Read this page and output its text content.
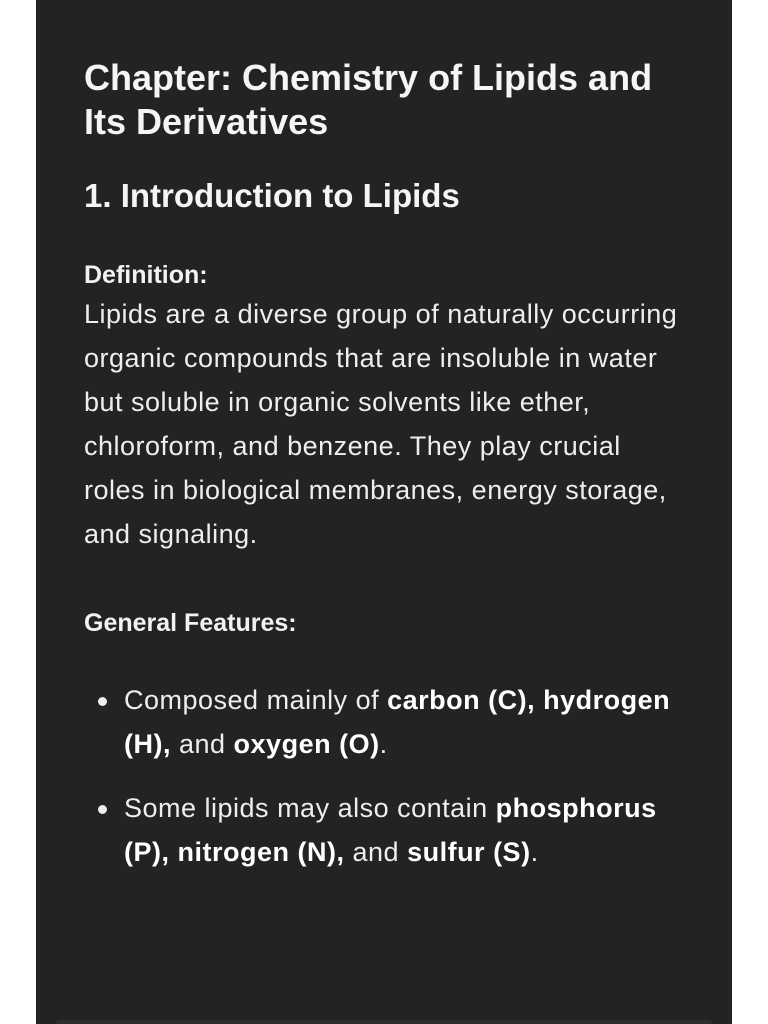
Chapter: Chemistry of Lipids and Its Derivatives
1. Introduction to Lipids
Definition:

Lipids are a diverse group of naturally occurring organic compounds that are insoluble in water but soluble in organic solvents like ether, chloroform, and benzene. They play crucial roles in biological membranes, energy storage, and signaling.

General Features:
Composed mainly of carbon (C), hydrogen (H), and oxygen (O).
Some lipids may also contain phosphorus (P), nitrogen (N), and sulfur (S).
